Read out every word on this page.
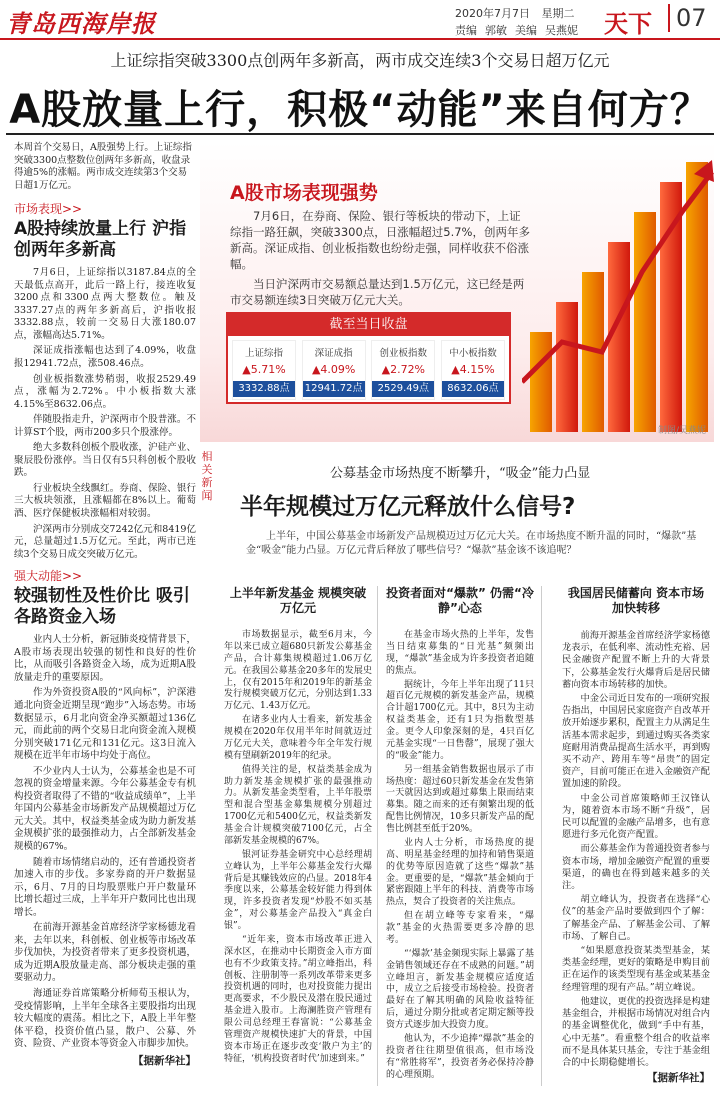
青岛西海岸报	2020年7月7日 星期二
责编 郭敏 美编 吴燕妮	天下	07
上证综指突破3300点创两年多新高，两市成交连续3个交易日超万亿元
A股放量上行，积极“动能”来自何方？

本周首个交易日，A股强势上行。上证综指突破3300点整数位创两年多新高，收盘录得逾5%的涨幅。两市成交连续第3个交易日超1万亿元。

市场表现>>
A股持续放量上行 沪指创两年多新高

7月6日，上证综指以3187.84点的全天最低点高开，此后一路上行，接连收复3200点和3300点两大整数位。触及3337.27点的两年多新高后，沪指收报3332.88点，较前一交易日大涨180.07点，涨幅高达5.71%。

深证成指涨幅也达到了4.09%，收盘报12941.72点，涨508.46点。

创业板指数涨势稍弱，收报2529.49点，涨幅为2.72%。中小板指数大涨4.15%至8632.06点。

伴随股指走升，沪深两市个股普涨。不计算ST个股，两市200多只个股涨停。

绝大多数科创板个股收涨，沪硅产业、聚辰股份涨停。当日仅有5只科创板个股收跌。

行业板块全线飘红。券商、保险、银行三大板块领涨，且涨幅都在8%以上。葡萄酒、医疗保健板块涨幅相对较弱。

沪深两市分别成交7242亿元和8419亿元，总量超过1.5万亿元。至此，两市已连续3个交易日成交突破万亿元。

强大动能>>
较强韧性及性价比 吸引各路资金入场

业内人士分析，新冠肺炎疫情背景下，A股市场表现出较强的韧性和良好的性价比，从而吸引各路资金入场，成为近期A股放量走升的重要原因。

作为外资投资A股的“风向标”，沪深港通北向资金近期呈现“跑步”入场态势。市场数据显示，6月北向资金净买额超过136亿元，而此前的两个交易日北向资金流入规模分别突破171亿元和131亿元。这3日流入规模在近半年市场中均处于高位。

不少业内人士认为，公募基金也是不可忽视的资金增量来源。今年公募基金专有机构投资者取得了不错的“收益成绩单”，上半年国内公募基金市场新发产品规模超过万亿元大关。其中，权益类基金成为助力新发基金规模扩张的最强推动力，占全部新发基金规模的67%。

随着市场情绪启动的，还有普通投资者加速入市的步伐。多家券商的开户数据显示，6月、7月的日均股票账户开户数量环比增长超过三成，上半年开户数同比也出现增长。

在前海开源基金首席经济学家杨德龙看来，去年以来，科创板、创业板等市场改革步伐加快，为投资者带来了更多投资机遇，成为近期A股放量走高、部分板块走强的重要驱动力。

海通证券首席策略分析师荀玉根认为，受疫情影响，上半年全球各主要股指均出现较大幅度的震荡。相比之下，A股上半年整体平稳，投资价值凸显，散户、公募、外资、险资、产业资本等资金入市脚步加快。

【据新华社】
A股市场表现强势

7月6日，在券商、保险、银行等板块的带动下，上证综指一路狂飙，突破3300点，日涨幅超过5.7%，创两年多新高。深证成指、创业板指数也纷纷走强，同样收获不俗涨幅。

当日沪深两市交易额总量达到1.5万亿元，这已经是两市交易额连续3日突破万亿元大关。

截至当日收盘
上证综指
▲5.71%
3332.88点
深证成指
▲4.09%
12941.72点
创业板指数
▲2.72%
2529.49点
中小板指数
▲4.15%
8632.06点
制图/吴燕妮
相关新闻
公募基金市场热度不断攀升，“吸金”能力凸显
半年规模过万亿元释放什么信号?
上半年，中国公募基金市场新发产品规模迈过万亿元大关。在市场热度不断升温的同时，“爆款”基金“吸金”能力凸显。万亿元背后释放了哪些信号？“爆款”基金该不该追呢？
上半年新发基金 规模突破万亿元

市场数据显示，截至6月末，今年以来已成立超680只新发公募基金产品，合计募集规模超过1.06万亿元。在我国公募基金20多年的发展史上，仅有2015年和2019年的新基金发行规模突破万亿元，分别达到1.33万亿元、1.43万亿元。

在诸多业内人士看来，新发基金规模在2020年仅用半年时间就迈过万亿元大关，意味着今年全年发行规模有望刷新2019年的纪录。

值得关注的是，权益类基金成为助力新发基金规模扩张的最强推动力。从新发基金类型看，上半年股票型和混合型基金募集规模分别超过1700亿元和5400亿元，权益类新发基金合计规模突破7100亿元，占全部新发基金规模的67%。

银河证券基金研究中心总经理胡立峰认为，上半年公募基金发行火爆背后是其赚钱效应的凸显。2018年4季度以来，公募基金较好能力得到体现，许多投资者发现“炒股不如买基金”，对公募基金产品投入“真金白银”。

“近年来，资本市场改革正进入深水区，在推动中长期资金入市方面也有不少政策支持。”胡立峰指出，科创板、注册制等一系列改革带来更多投资机遇的同时，也对投资能力提出更高要求，不少股民及潜在股民通过基金进入股市。上海澜胜资产管理有限公司总经理王春富说：“公募基金管理资产规模快速扩大的背景，中国资本市场正在逐步改变‘散户为主’的特征，‘机构投资者时代’加速到来。”

投资者面对“爆款” 仍需“冷静”心态

在基金市场火热的上半年，发售当日结束募集的“日光基”频频出现，“爆款”基金成为许多投资者追随的焦点。

据统计，今年上半年出现了11只超百亿元规模的新发基金产品，规模合计超1700亿元。其中，8只为主动权益类基金，还有1只为指数型基金。更令人印象深刻的是，4只百亿元基金实现“一日售罄”，展现了强大的“吸金”能力。

另一组基金销售数据也展示了市场热度：超过60只新发基金在发售第一天就因达到或超过募集上限而结束募集。随之而来的还有频繁出现的低配售比例情况，10多只新发产品的配售比例甚至低于20%。

业内人士分析，市场热度的提高、明星基金经理的加持和销售渠道的优势等原因造就了这些“爆款”基金。更重要的是，“爆款”基金倾向于紧密跟随上半年的科技、消费等市场热点，契合了投资者的关注焦点。

但在胡立峰等专家看来，“爆款”基金的火热需要更多冷静的思考。

“‘爆款’基金频现实际上暴露了基金销售领域还存在不成熟的问题。”胡立峰坦言，新发基金规模应适度适中，成立之后接受市场检验。投资者最好在了解其明确的风险收益特征后，通过分期分批或者定期定额等投资方式逐步加大投资力度。

他认为，不少追捧“爆款”基金的投资者往往期望值很高，但市场没有“常胜将军”，投资者务必保持冷静的心理预期。

我国居民储蓄向 资本市场加快转移

前海开源基金首席经济学家杨德龙表示，在低利率、流动性充裕、居民金融资产配置不断上升的大背景下，公募基金发行火爆背后是居民储蓄向资本市场转移的加快。

中金公司近日发布的一项研究报告指出，中国居民家庭资产自改革开放开始逐步累积，配置主力从满足生活基本需求起步，到通过购买各类家庭耐用消费品提高生活水平，再到购买不动产、跨用车等“昂贵”的固定资产，目前可能正在进入金融资产配置加速的阶段。

中金公司首席策略师王汉锋认为，随着资本市场不断“升级”，居民可以配置的金融产品增多，也有意愿进行多元化资产配置。

而公募基金作为普通投资者参与资本市场，增加金融资产配置的重要渠道，的确也在得到越来越多的关注。

胡立峰认为，投资者在选择“心仪”的基金产品时要做到四个了解：了解基金产品、了解基金公司、了解市场、了解自己。

“如果愿意投资某类型基金，某类基金经理，更好的策略是申购目前正在运作的该类型现有基金或某基金经理管理的现有产品。”胡立峰说。

他建议，更优的投资选择是构建基金组合，并根据市场情况对组合内的基金调整优化，做到“手中有基，心中无基”。看重整个组合的收益率而不是具体某只基金，专注于基金组合的中长期稳健增长。

【据新华社】
